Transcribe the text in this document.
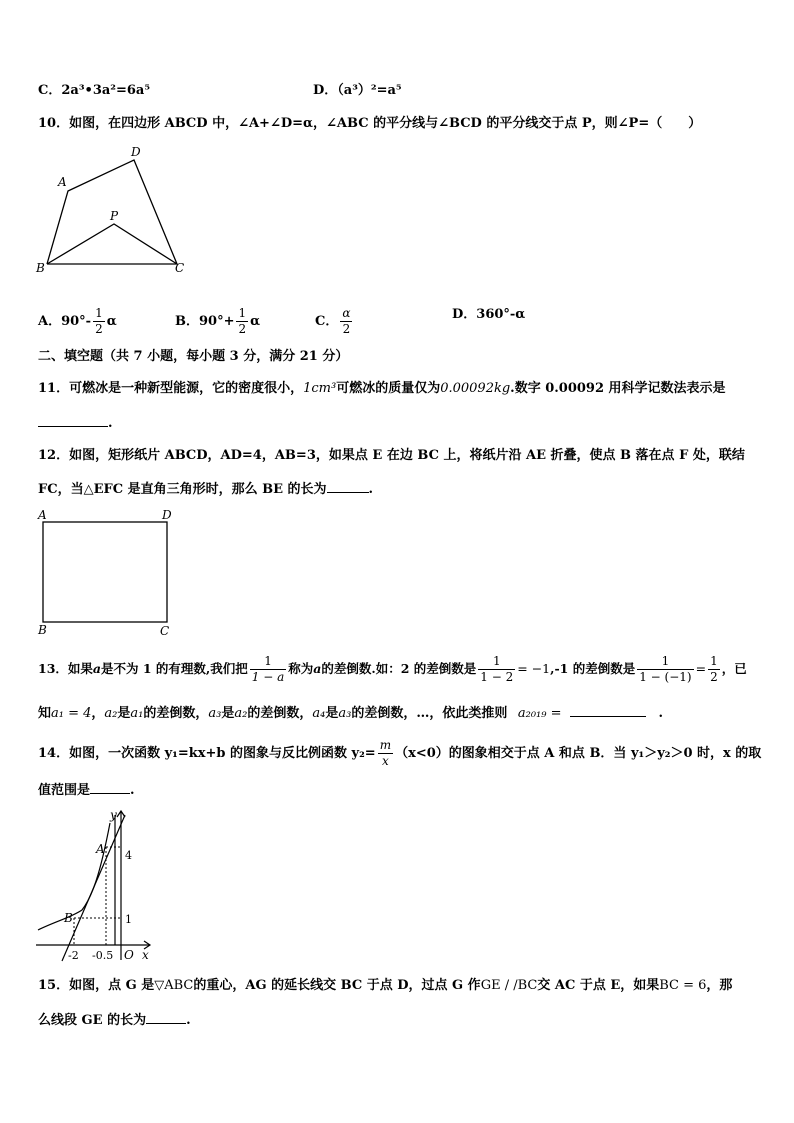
C．2a³•3a²=6a⁵	D．（a³）²=a⁵
10．如图，在四边形 ABCD 中，∠A+∠D=α，∠ABC 的平分线与∠BCD 的平分线交于点 P，则∠P=（　　）
A
D
P
B	C
A．$90^\circ- \frac{1}{2}$ α	B．$90^\circ+ \frac{1}{2}$ α	C． $\frac{\alpha}{2}$	D．360°-α
二、填空题（共 7 小题，每小题 3 分，满分 21 分）
11．可燃冰是一种新型能源，它的密度很小，1cm³可燃冰的质量仅为0.00092kg.数字 0.00092 用科学记数法表示是
.
12．如图，矩形纸片 ABCD，AD=4，AB=3，如果点 E 在边 BC 上，将纸片沿 AE 折叠，使点 B 落在点 F 处，联结
FC，当△EFC 是直角三角形时，那么 BE 的长为	.
A	D
B	C
13．如果a是不为 1 的有理数,我们把 $\frac{1}{1 - a}$ 称为a的差倒数.如：2 的差倒数是 $\frac{1}{1 - 2} = -1,-1$ 的差倒数是 $\frac{1}{1 - (-1)} = \frac{1}{2}$ ，已
知a₁ = 4，a₂是a₁的差倒数，a₃是a₂的差倒数，a₄是a₃的差倒数，…，依此类推则 a₂₀₁₉ =	.
14．如图，一次函数 y₁=kx+b 的图象与反比例函数 $y_2= \frac{m}{x} (x<0)$的图象相交于点 A 和点 B．当 y₁＞y₂＞0 时，x 的取
值范围是	.
y
A 4
B	1
-2 -0.5 O x
15．如图，点 G 是▽ABC的重心，AG 的延长线交 BC 于点 D，过点 G 作GE / /BC交 AC 于点 E，如果BC = 6，那
么线段 GE 的长为	.
